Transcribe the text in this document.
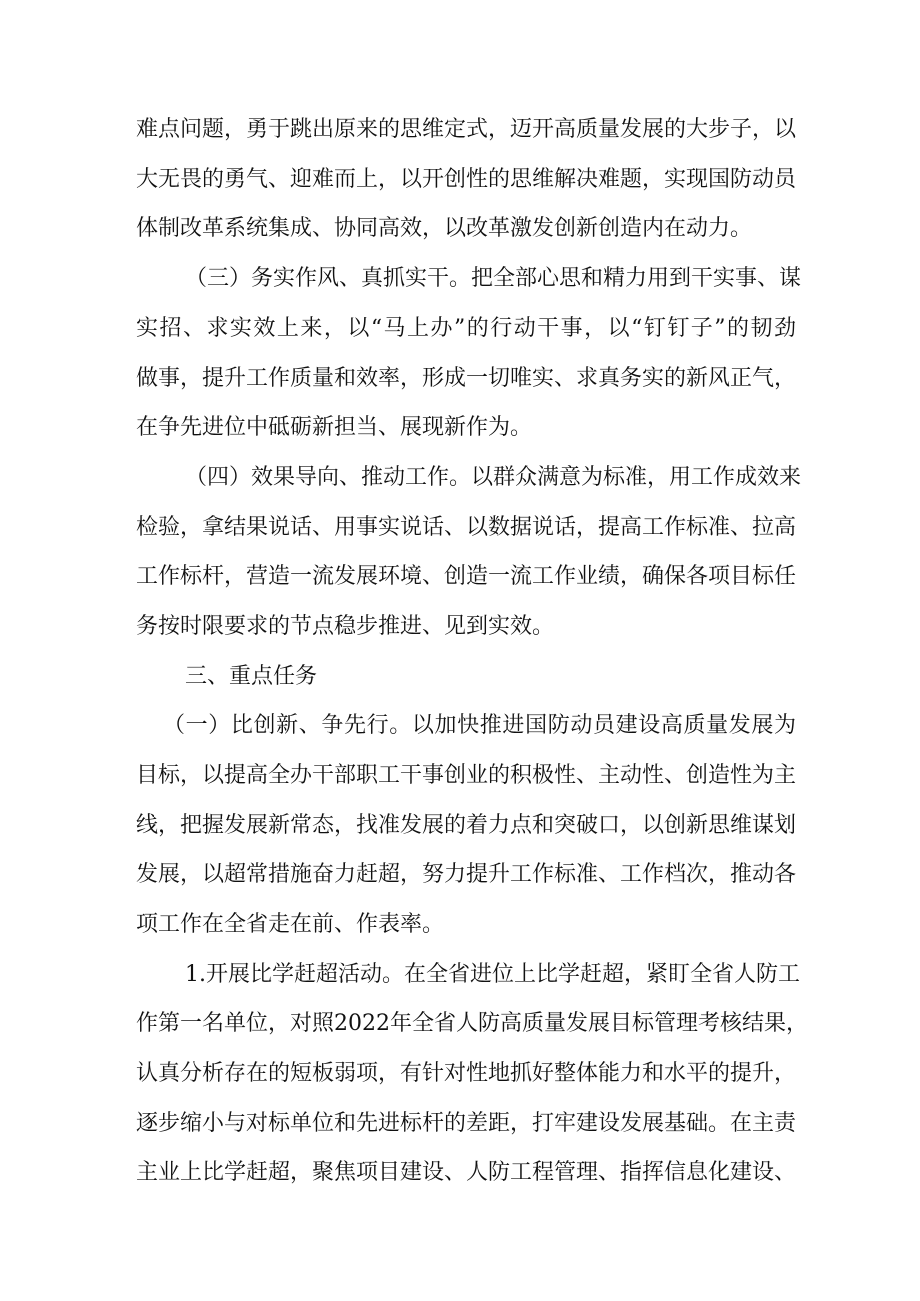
难点问题，勇于跳出原来的思维定式，迈开高质量发展的大步子，以
大无畏的勇气、迎难而上，以开创性的思维解决难题，实现国防动员
体制改革系统集成、协同高效，以改革激发创新创造内在动力。
（三）务实作风、真抓实干。把全部心思和精力用到干实事、谋
实招、求实效上来，以“马上办”的行动干事，以“钉钉子”的韧劲
做事，提升工作质量和效率，形成一切唯实、求真务实的新风正气，
在争先进位中砥砺新担当、展现新作为。
（四）效果导向、推动工作。以群众满意为标准，用工作成效来
检验，拿结果说话、用事实说话、以数据说话，提高工作标准、拉高
工作标杆，营造一流发展环境、创造一流工作业绩，确保各项目标任
务按时限要求的节点稳步推进、见到实效。
三、重点任务
（一）比创新、争先行。以加快推进国防动员建设高质量发展为
目标，以提高全办干部职工干事创业的积极性、主动性、创造性为主
线，把握发展新常态，找准发展的着力点和突破口，以创新思维谋划
发展，以超常措施奋力赶超，努力提升工作标准、工作档次，推动各
项工作在全省走在前、作表率。
1.开展比学赶超活动。在全省进位上比学赶超，紧盯全省人防工
作第一名单位，对照2022年全省人防高质量发展目标管理考核结果，
认真分析存在的短板弱项，有针对性地抓好整体能力和水平的提升，
逐步缩小与对标单位和先进标杆的差距，打牢建设发展基础。在主责
主业上比学赶超，聚焦项目建设、人防工程管理、指挥信息化建设、
